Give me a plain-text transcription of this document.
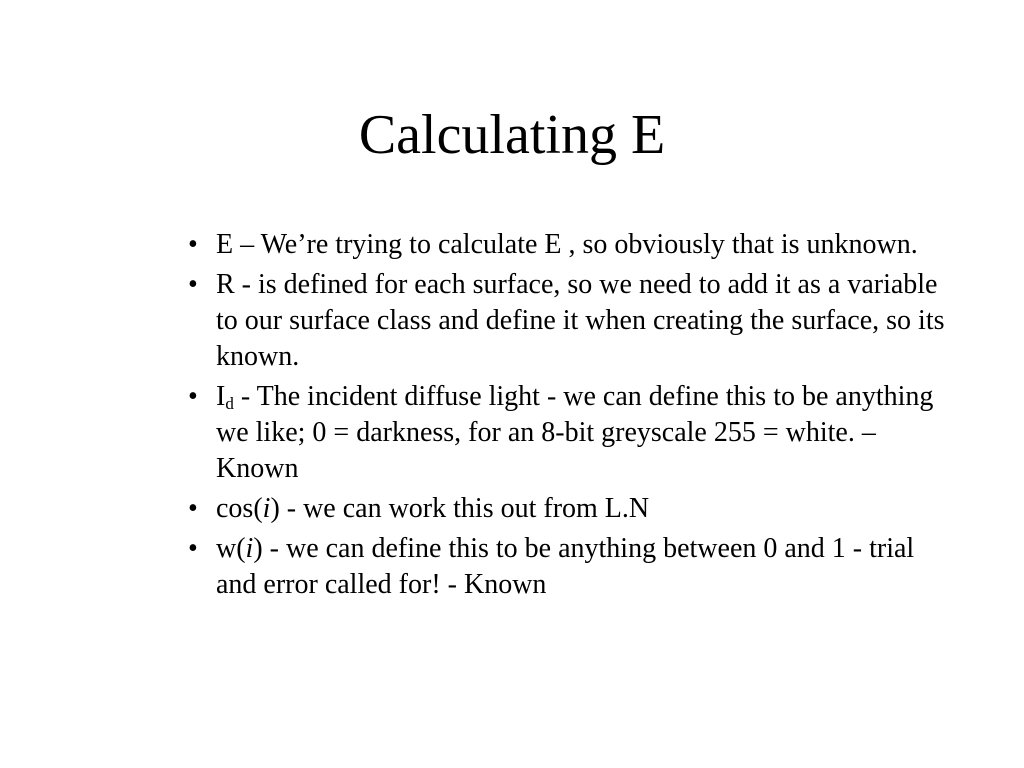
Calculating E
• E – We’re trying to calculate E , so obviously that is unknown.
• R - is defined for each surface, so we need to add it as a variable to our surface class and define it when creating the surface, so its known.
• $I_d$ - The incident diffuse light - we can define this to be anything we like; 0 = darkness, for an 8-bit greyscale 255 = white. – Known
• cos(i) - we can work this out from L.N
• w(i) - we can define this to be anything between 0 and 1 - trial and error called for! - Known
